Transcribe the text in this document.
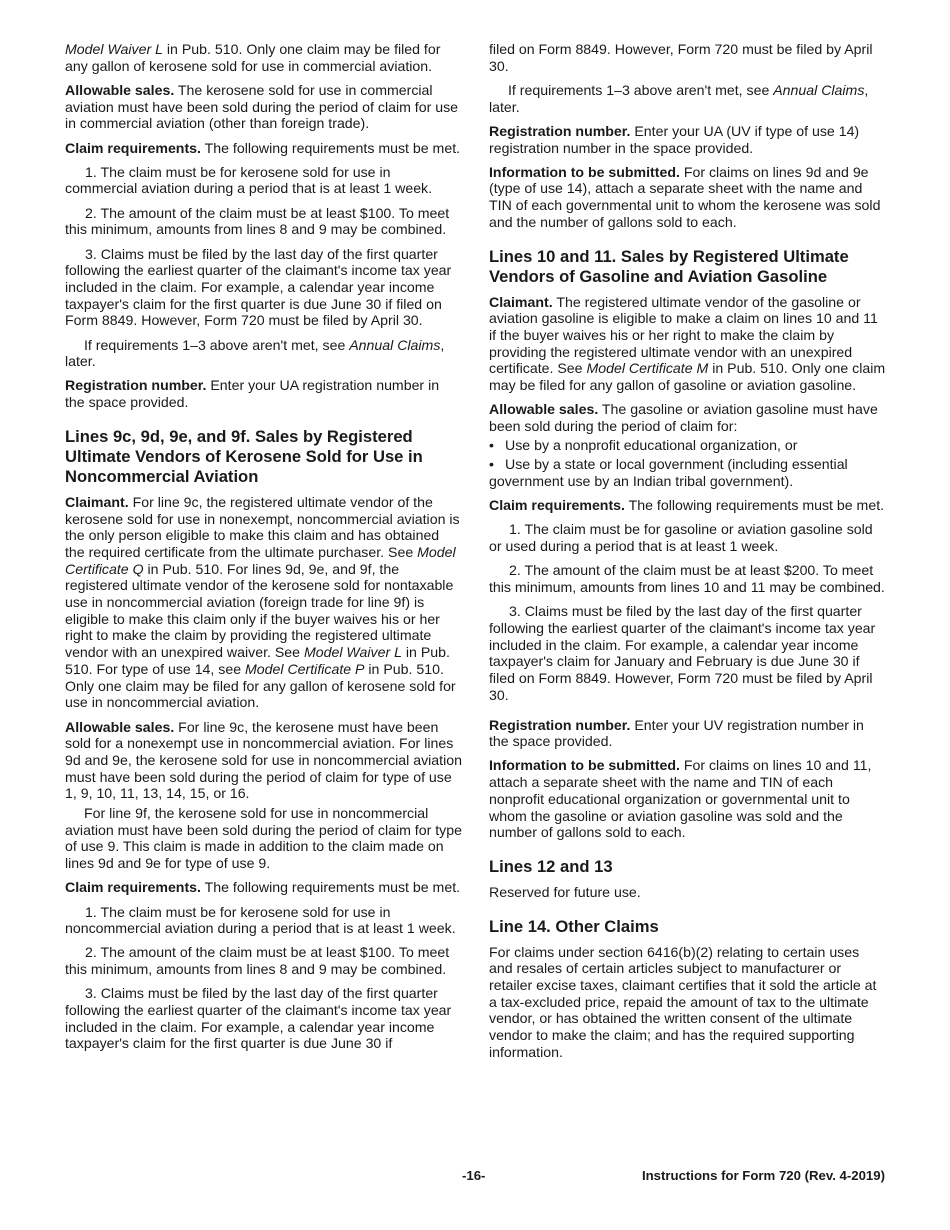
Model Waiver L in Pub. 510. Only one claim may be filed for any gallon of kerosene sold for use in commercial aviation.

Allowable sales. The kerosene sold for use in commercial aviation must have been sold during the period of claim for use in commercial aviation (other than foreign trade).

Claim requirements. The following requirements must be met.

1. The claim must be for kerosene sold for use in commercial aviation during a period that is at least 1 week.

2. The amount of the claim must be at least $100. To meet this minimum, amounts from lines 8 and 9 may be combined.

3. Claims must be filed by the last day of the first quarter following the earliest quarter of the claimant's income tax year included in the claim. For example, a calendar year income taxpayer's claim for the first quarter is due June 30 if filed on Form 8849. However, Form 720 must be filed by April 30.

If requirements 1–3 above aren't met, see Annual Claims, later.

Registration number. Enter your UA registration number in the space provided.

Lines 9c, 9d, 9e, and 9f. Sales by Registered Ultimate Vendors of Kerosene Sold for Use in Noncommercial Aviation

Claimant. For line 9c, the registered ultimate vendor of the kerosene sold for use in nonexempt, noncommercial aviation is the only person eligible to make this claim and has obtained the required certificate from the ultimate purchaser. See Model Certificate Q in Pub. 510. For lines 9d, 9e, and 9f, the registered ultimate vendor of the kerosene sold for nontaxable use in noncommercial aviation (foreign trade for line 9f) is eligible to make this claim only if the buyer waives his or her right to make the claim by providing the registered ultimate vendor with an unexpired waiver. See Model Waiver L in Pub. 510. For type of use 14, see Model Certificate P in Pub. 510. Only one claim may be filed for any gallon of kerosene sold for use in noncommercial aviation.

Allowable sales. For line 9c, the kerosene must have been sold for a nonexempt use in noncommercial aviation. For lines 9d and 9e, the kerosene sold for use in noncommercial aviation must have been sold during the period of claim for type of use 1, 9, 10, 11, 13, 14, 15, or 16.

For line 9f, the kerosene sold for use in noncommercial aviation must have been sold during the period of claim for type of use 9. This claim is made in addition to the claim made on lines 9d and 9e for type of use 9.

Claim requirements. The following requirements must be met.

1. The claim must be for kerosene sold for use in noncommercial aviation during a period that is at least 1 week.

2. The amount of the claim must be at least $100. To meet this minimum, amounts from lines 8 and 9 may be combined.

3. Claims must be filed by the last day of the first quarter following the earliest quarter of the claimant's income tax year included in the claim. For example, a calendar year income taxpayer's claim for the first quarter is due June 30 if

filed on Form 8849. However, Form 720 must be filed by April 30.

If requirements 1–3 above aren't met, see Annual Claims, later.

Registration number. Enter your UA (UV if type of use 14) registration number in the space provided.

Information to be submitted. For claims on lines 9d and 9e (type of use 14), attach a separate sheet with the name and TIN of each governmental unit to whom the kerosene was sold and the number of gallons sold to each.

Lines 10 and 11. Sales by Registered Ultimate Vendors of Gasoline and Aviation Gasoline

Claimant. The registered ultimate vendor of the gasoline or aviation gasoline is eligible to make a claim on lines 10 and 11 if the buyer waives his or her right to make the claim by providing the registered ultimate vendor with an unexpired certificate. See Model Certificate M in Pub. 510. Only one claim may be filed for any gallon of gasoline or aviation gasoline.

Allowable sales. The gasoline or aviation gasoline must have been sold during the period of claim for:

• Use by a nonprofit educational organization, or
• Use by a state or local government (including essential government use by an Indian tribal government).

Claim requirements. The following requirements must be met.

1. The claim must be for gasoline or aviation gasoline sold or used during a period that is at least 1 week.

2. The amount of the claim must be at least $200. To meet this minimum, amounts from lines 10 and 11 may be combined.

3. Claims must be filed by the last day of the first quarter following the earliest quarter of the claimant's income tax year included in the claim. For example, a calendar year income taxpayer's claim for January and February is due June 30 if filed on Form 8849. However, Form 720 must be filed by April 30.

Registration number. Enter your UV registration number in the space provided.

Information to be submitted. For claims on lines 10 and 11, attach a separate sheet with the name and TIN of each nonprofit educational organization or governmental unit to whom the gasoline or aviation gasoline was sold and the number of gallons sold to each.

Lines 12 and 13

Reserved for future use.

Line 14. Other Claims

For claims under section 6416(b)(2) relating to certain uses and resales of certain articles subject to manufacturer or retailer excise taxes, claimant certifies that it sold the article at a tax-excluded price, repaid the amount of tax to the ultimate vendor, or has obtained the written consent of the ultimate vendor to make the claim; and has the required supporting information.

-16-	Instructions for Form 720 (Rev. 4-2019)
